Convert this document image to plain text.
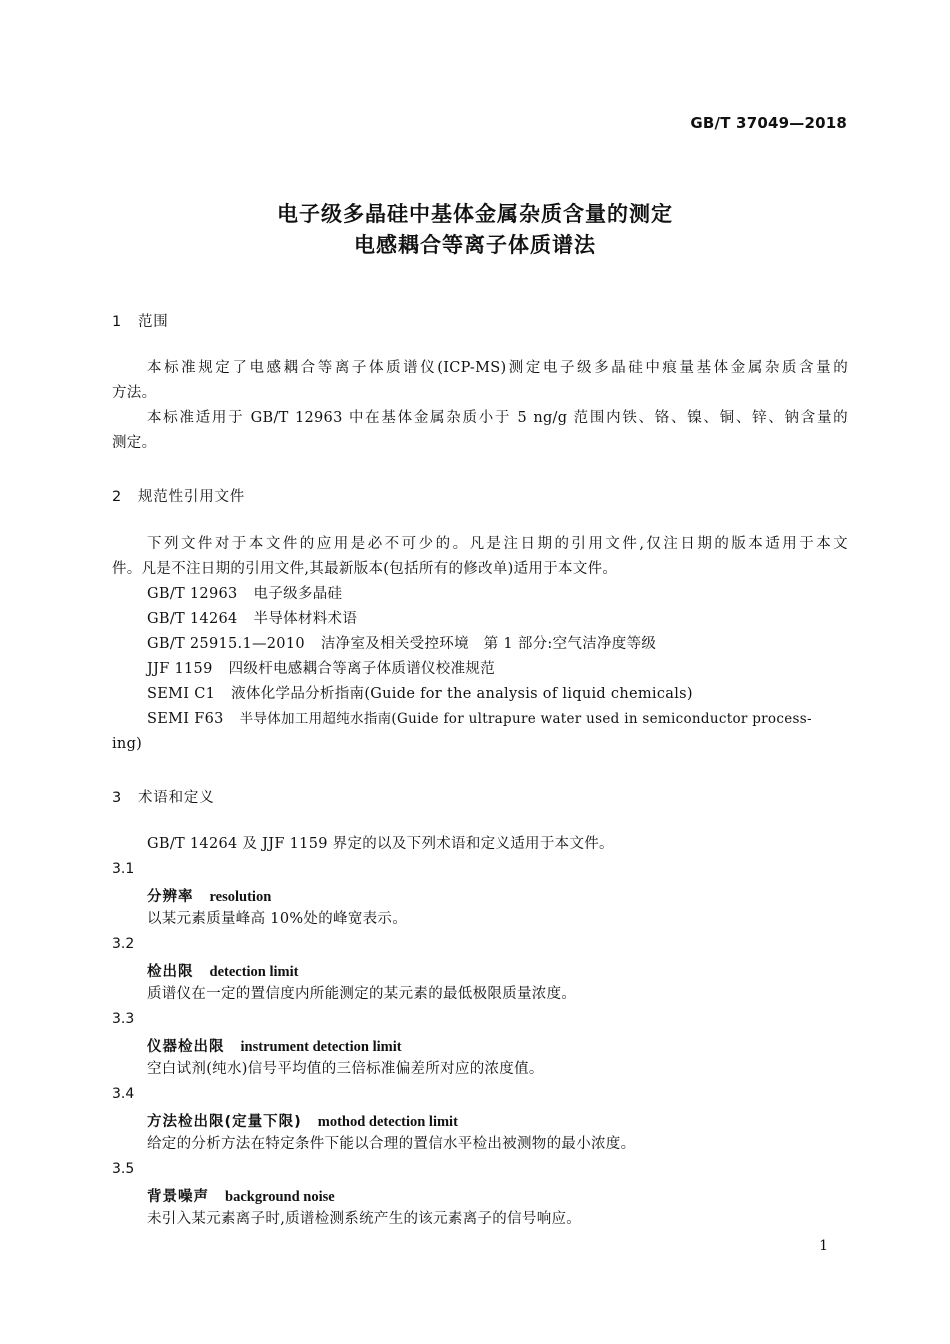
GB/T 37049—2018
电子级多晶硅中基体金属杂质含量的测定
电感耦合等离子体质谱法
1 范围
本标准规定了电感耦合等离子体质谱仪(ICP-MS)测定电子级多晶硅中痕量基体金属杂质含量的
方法。
本标准适用于 GB/T 12963 中在基体金属杂质小于 5 ng/g 范围内铁、铬、镍、铜、锌、钠含量的
测定。
2 规范性引用文件
下列文件对于本文件的应用是必不可少的。凡是注日期的引用文件,仅注日期的版本适用于本文
件。凡是不注日期的引用文件,其最新版本(包括所有的修改单)适用于本文件。
GB/T 12963 电子级多晶硅
GB/T 14264 半导体材料术语
GB/T 25915.1—2010 洁净室及相关受控环境　第 1 部分:空气洁净度等级
JJF 1159 四级杆电感耦合等离子体质谱仪校准规范
SEMI C1 液体化学品分析指南(Guide for the analysis of liquid chemicals)
SEMI F63 半导体加工用超纯水指南(Guide for ultrapure water used in semiconductor process-
ing)
3 术语和定义
GB/T 14264 及 JJF 1159 界定的以及下列术语和定义适用于本文件。
3.1
分辨率 resolution
以某元素质量峰高 10%处的峰宽表示。
3.2
检出限 detection limit
质谱仪在一定的置信度内所能测定的某元素的最低极限质量浓度。
3.3
仪器检出限 instrument detection limit
空白试剂(纯水)信号平均值的三倍标准偏差所对应的浓度值。
3.4
方法检出限(定量下限) mothod detection limit
给定的分析方法在特定条件下能以合理的置信水平检出被测物的最小浓度。
3.5
背景噪声 background noise
未引入某元素离子时,质谱检测系统产生的该元素离子的信号响应。
1
